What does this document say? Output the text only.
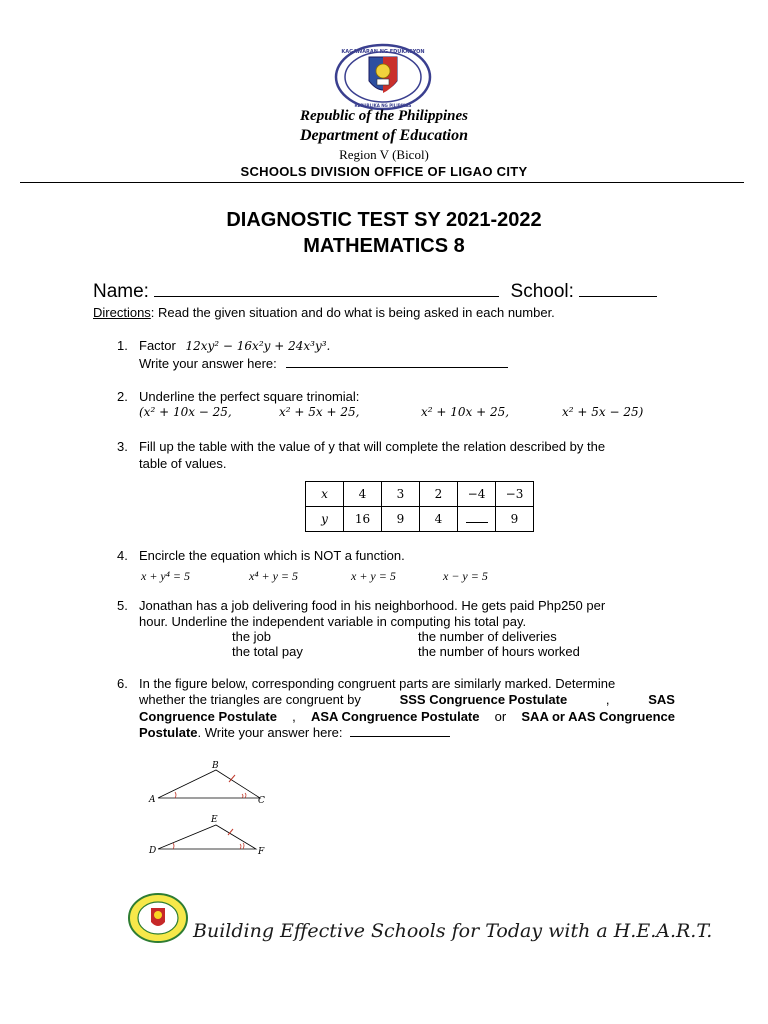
KAGAWARAN NG EDUKASYON
REPUBLIKA NG PILIPINAS
Republic of the Philippines
Department of Education
Region V (Bicol)
SCHOOLS DIVISION OFFICE OF LIGAO CITY
DIAGNOSTIC TEST SY 2021-2022
MATHEMATICS 8
Name:	School:
Directions: Read the given situation and do what is being asked in each number.
1. Factor 12xy² − 16x²y + 24x³y³.
Write your answer here:
2. Underline the perfect square trinomial:
(x² + 10x − 25,	x² + 5x + 25,	x² + 10x + 25,	x² + 5x − 25)
3. Fill up the table with the value of y that will complete the relation described by the
table of values.
x	4	3	2	−4	−3
y	16	9	4		9
4. Encircle the equation which is NOT a function.
x + y⁴ = 5	x⁴ + y = 5	x + y = 5	x − y = 5
5. Jonathan has a job delivering food in his neighborhood. He gets paid Php250 per
hour. Underline the independent variable in computing his total pay.
the job	the number of deliveries
the total pay	the number of hours worked
6. In the figure below, corresponding congruent parts are similarly marked. Determine
whether the triangles are congruent by	SSS Congruence Postulate	,	SAS
Congruence Postulate , ASA Congruence Postulate or SAA or AAS Congruence
Postulate. Write your answer here:
A
B
C
D
E
F
Building Effective Schools for Today with a H.E.A.R.T.
